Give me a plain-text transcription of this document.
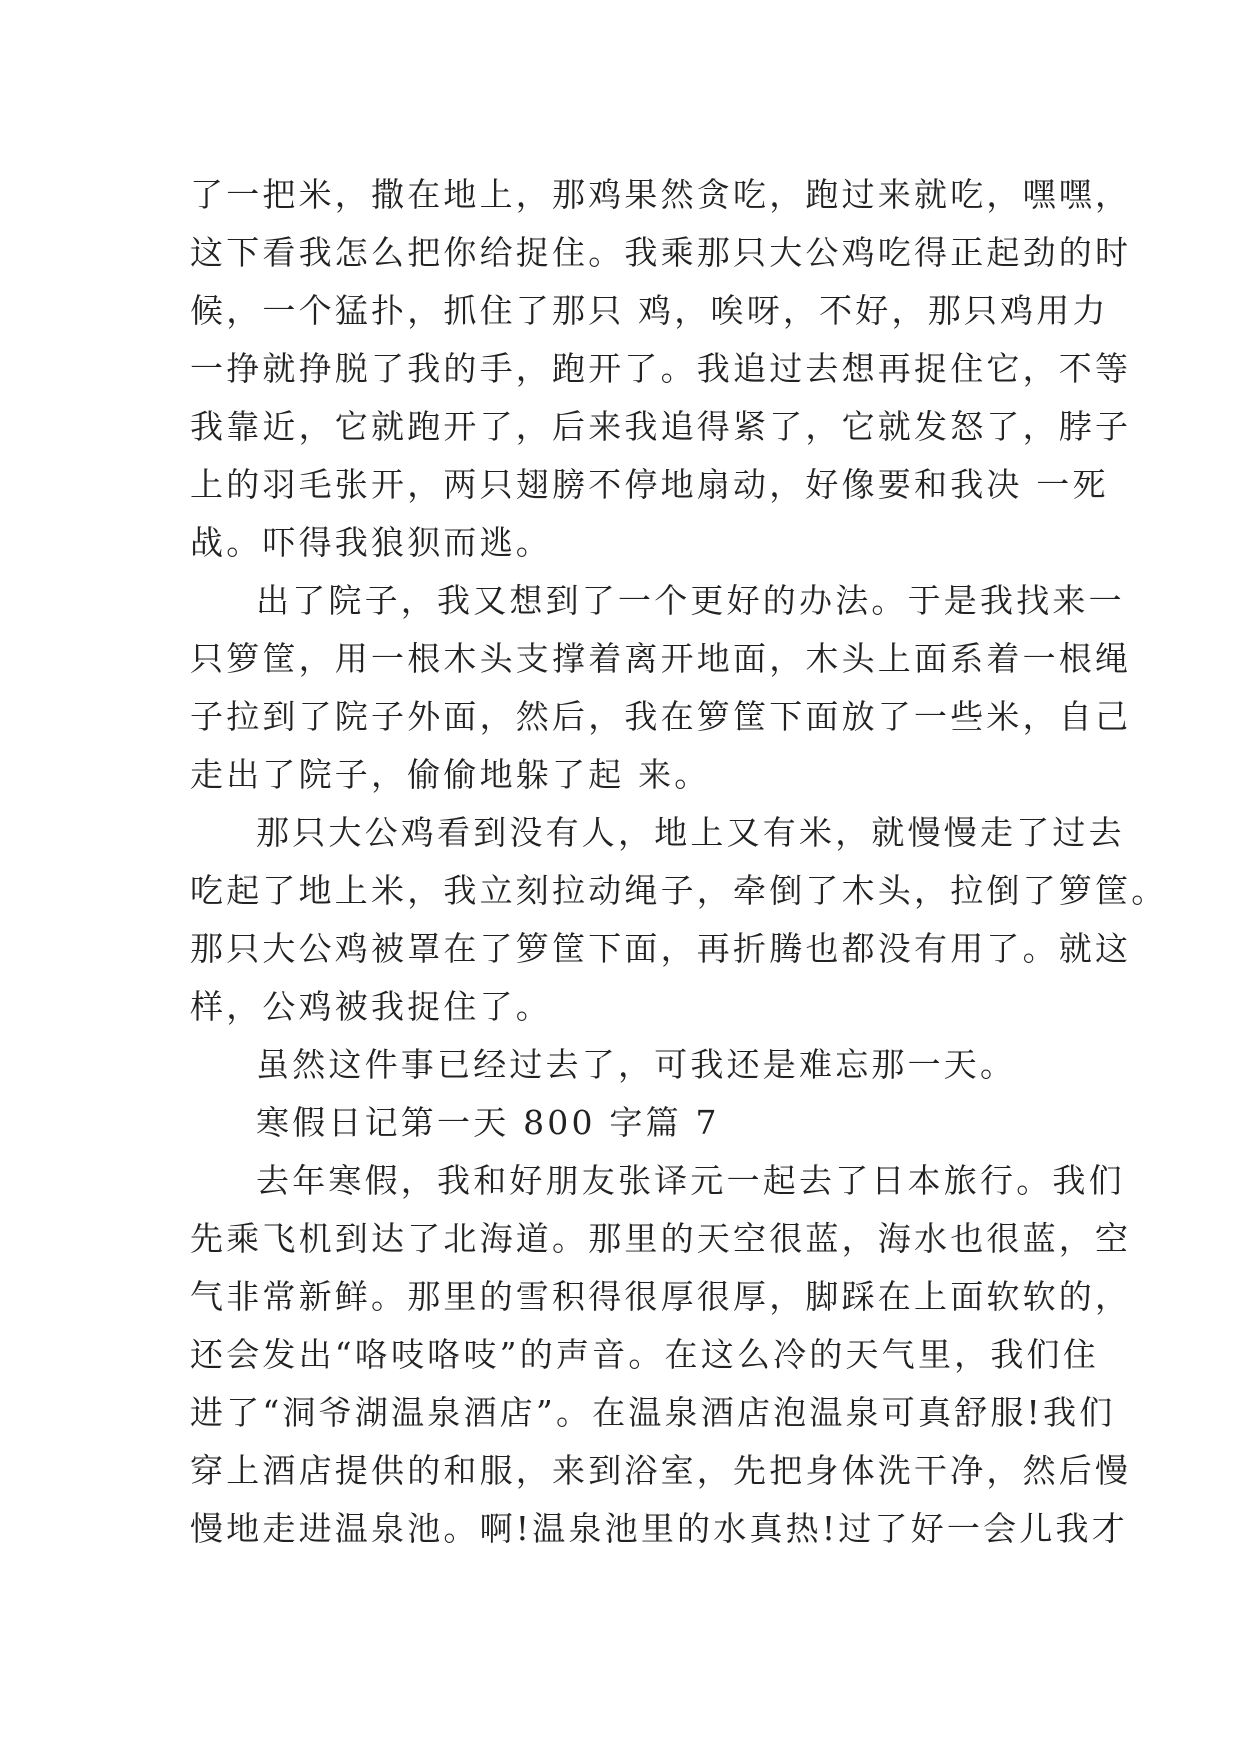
了一把米，撒在地上，那鸡果然贪吃，跑过来就吃，嘿嘿，
这下看我怎么把你给捉住。我乘那只大公鸡吃得正起劲的时
候，一个猛扑，抓住了那只 鸡，唉呀，不好，那只鸡用力
一挣就挣脱了我的手，跑开了。我追过去想再捉住它，不等
我靠近，它就跑开了，后来我追得紧了，它就发怒了，脖子
上的羽毛张开，两只翅膀不停地扇动，好像要和我决 一死
战。吓得我狼狈而逃。
出了院子，我又想到了一个更好的办法。于是我找来一
只箩筐，用一根木头支撑着离开地面，木头上面系着一根绳
子拉到了院子外面，然后，我在箩筐下面放了一些米，自己
走出了院子，偷偷地躲了起 来。
那只大公鸡看到没有人，地上又有米，就慢慢走了过去
吃起了地上米，我立刻拉动绳子，牵倒了木头，拉倒了箩筐。
那只大公鸡被罩在了箩筐下面，再折腾也都没有用了。就这
样，公鸡被我捉住了。
虽然这件事已经过去了，可我还是难忘那一天。
寒假日记第一天 800 字篇 7
去年寒假，我和好朋友张译元一起去了日本旅行。我们
先乘飞机到达了北海道。那里的天空很蓝，海水也很蓝，空
气非常新鲜。那里的雪积得很厚很厚，脚踩在上面软软的，
还会发出“咯吱咯吱”的声音。在这么冷的天气里，我们住
进了“洞爷湖温泉酒店”。在温泉酒店泡温泉可真舒服!我们
穿上酒店提供的和服，来到浴室，先把身体洗干净，然后慢
慢地走进温泉池。啊!温泉池里的水真热!过了好一会儿我才
